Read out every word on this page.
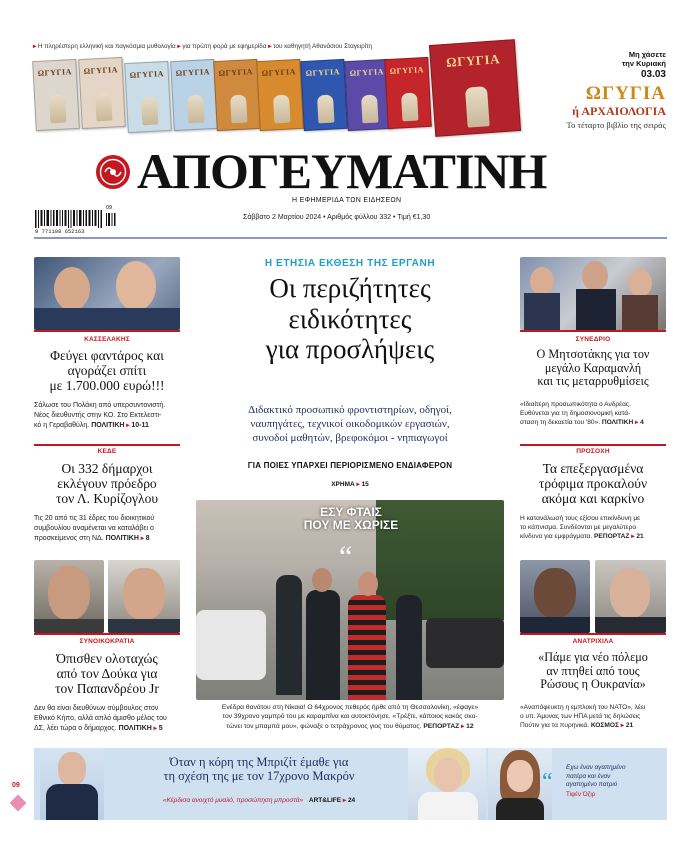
▸ Η πληρέστερη ελληνική και παγκόσμια μυθολογία ▸ για πρώτη φορά με εφημερίδα ▸ του καθηγητή Αθανάσιου Σταγειρίτη
ΩΓΥΓΙΑ	ΩΓΥΓΙΑ	ΩΓΥΓΙΑ	ΩΓΥΓΙΑ	ΩΓΥΓΙΑ	ΩΓΥΓΙΑ	ΩΓΥΓΙΑ	ΩΓΥΓΙΑ ΩΓΥΓΙΑ
ΩΓΥΓΙΑ	Μη χάσετε
την Κυριακή
03.03
ΩΓΥΓΙΑ
ή ΑΡΧΑΙΟΛΟΓΙΑ
Το τέταρτο βιβλίο της σειράς
ΑΠΟΓΕΥΜΑΤΙΝΗ
Η ΕΦΗΜΕΡΙΔΑ ΤΩΝ ΕΙΔΗΣΕΩΝ
9 771108 652163
09
Σάββατο 2 Μαρτίου 2024 • Αριθμός φύλλου 332 • Τιμή €1,30
ΚΑΣΣΕΛΑΚΗΣ
Φεύγει φαντάρος και
αγοράζει σπίτι
με 1.700.000 ευρώ!!!
Σάλωσε του Πολάκη από υπερσυντονιστή.
Νέος διευθυντής στην ΚΟ. Στο Εκτελεστι-
κό η Γεραβαθύλη. ΠΟΛΙΤΙΚΗ ▸ 10-11
ΚΕΔΕ
Οι 332 δήμαρχοι
εκλέγουν πρόεδρο
τον Λ. Κυρίζογλου
Τις 20 από τις 31 έδρες του διοικητικού
συμβουλίου αναμένεται να καταλάβει ο
προσκείμενος στη ΝΔ. ΠΟΛΙΤΙΚΗ ▸ 8
ΣΥΝΟΙΚΟΚΡΑΤΙΑ
Όπισθεν ολοταχώς
από τον Δούκα για
τον Παπανδρέου Jr
Δεν θα είναι διευθύνων σύμβουλος στον
Εθνικό Κήπο, αλλά απλό άμισθο μέλος του
ΔΣ, λέει τώρα ο δήμαρχος. ΠΟΛΙΤΙΚΗ ▸ 5
Η ΕΤΗΣΙΑ ΕΚΘΕΣΗ ΤΗΣ ΕΡΓΑΝΗ
Οι περιζήτητες
ειδικότητες
για προσλήψεις
Διδακτικό προσωπικό φροντιστηρίων, οδηγοί,
ναυπηγάτες, τεχνικοί οικοδομικών εργασιών,
συνοδοί μαθητών, βρεφοκόμοι - νηπιαγωγοί
ΓΙΑ ΠΟΙΕΣ ΥΠΑΡΧΕΙ ΠΕΡΙΟΡΙΣΜΕΝΟ ΕΝΔΙΑΦΕΡΟΝ
ΧΡΗΜΑ ▸ 15
ΕΣΥ ΦΤΑΙΣ
ΠΟΥ ΜΕ ΧΩΡΙΣΕ
“
Ενέδρα θανάτου στη Νίκαια! Ο 64χρονος πεθερός ήρθε από τη Θεσσαλονίκη, «έφαγε»
τον 39χρονο γαμπρό του με καραμπίνα και αυτοκτόνησε. «Τρέξτε, κάποιος κακός σκο-
τώνει τον μπαμπά μου», φώναξε ο τετράχρονος γιος του θύματος. ΡΕΠΟΡΤΑΖ ▸ 12
ΣΥΝΕΔΡΙΟ
Ο Μητσοτάκης για τον
μεγάλο Καραμανλή
και τις μεταρρυθμίσεις
«Ιδιαίτερη προσωπικότητα ο Ανδρέας.
Ευθύνεται για τη δημοσιονομική κατά-
σταση τη δεκαετία του '80». ΠΟΛΙΤΙΚΗ ▸ 4
ΠΡΟΣΟΧΗ
Τα επεξεργασμένα
τρόφιμα προκαλούν
ακόμα και καρκίνο
Η κατανάλωσή τους εξίσου επικίνδυνη με
το κάπνισμα. Συνδέονται με μεγαλύτερο
κίνδυνο για εμφράγματα. ΡΕΠΟΡΤΑΖ ▸ 21
ΑΝΑΤΡΙΧΙΛΑ
«Πάμε για νέο πόλεμο
αν πτηθεί από τους
Ρώσους η Ουκρανία»
«Αναπόφευκτη η εμπλοκή του ΝΑΤΟ», λέει
ο υπ. Άμυνας των ΗΠΑ μετά τις δηλώσεις
Πούτιν για τα πυρηνικά. ΚΟΣΜΟΣ ▸ 21
Όταν η κόρη της Μπριζίτ έμαθε για
τη σχέση της με τον 17χρονο Μακρόν
«Κέρδισα ανοιχτό μυαλό, προσώπηση μπροστά» ART&LIFE ▸ 24
“
Εχω έναν αγαπημένο
πατέρα και έναν
αγαπημένο πατριό
Τιφέν Όζιρ
09
